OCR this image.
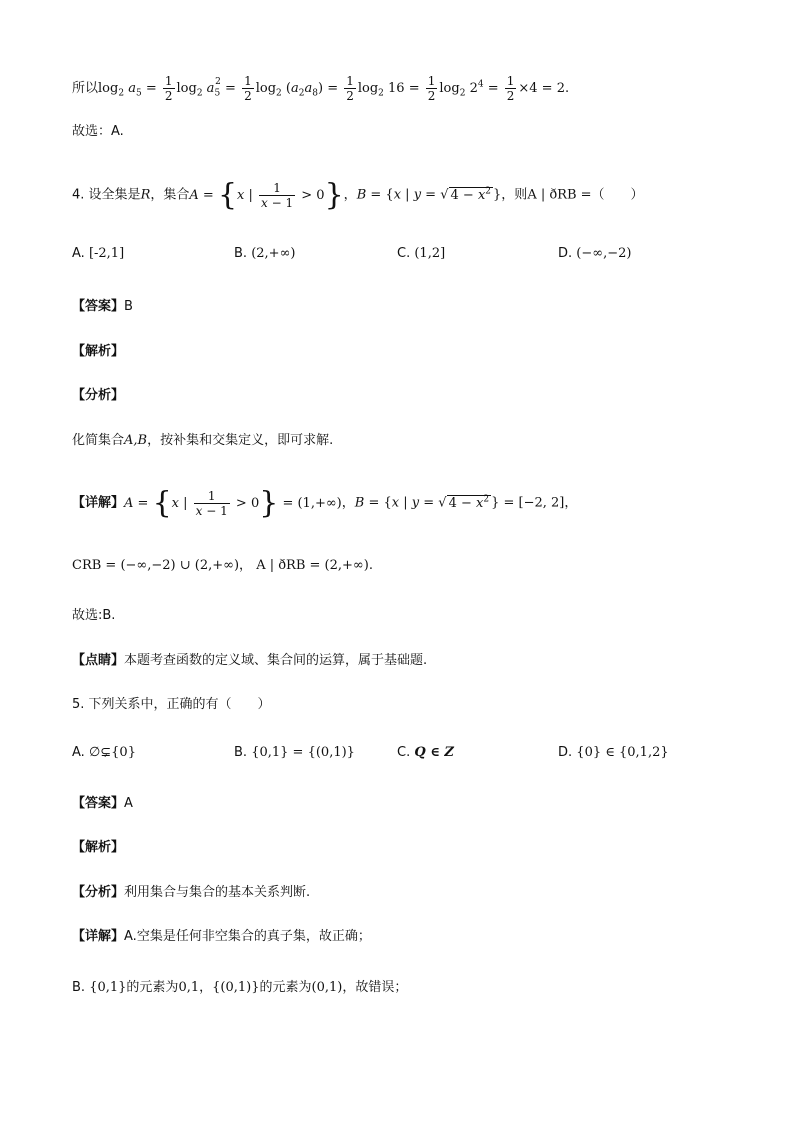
所以$\log_2 a_5 = \frac{1}{2} \log_2 a_5^2 = \frac{1}{2} \log_2 (a_2a_8) = \frac{1}{2} \log_2 16 = \frac{1}{2} \log_2 2^4 = \frac{1}{2} \times 4 = 2$.
故选：A.
4. 设全集是R，集合A = {x | $\frac{1}{x - 1} > 0$}，B = {x | y = √ $4 - x^2$ }，则A | ðRB =（　　）
A. [-2,1]	B. (2,+∞)	C. (1,2]	D. (−∞,−2)
【答案】B
【解析】
【分析】
化简集合A,B，按补集和交集定义，即可求解.
【详解】A = {x | $\frac{1}{x - 1} > 0\} = (1,+\infty)$，B = {x | y = √ $4 - x^2$ } = [−2, 2]，
CRB = (−∞,−2) ∪ (2,+∞)， A | ðRB = (2,+∞).
故选:B.
【点睛】本题考查函数的定义域、集合间的运算，属于基础题.
5. 下列关系中，正确的有（　　）
A. ∅⊊{0}	B. {0,1} = {(0,1)}	C. Q ∈ Z	D. {0} ∈ {0,1,2}
【答案】A
【解析】
【分析】利用集合与集合的基本关系判断.
【详解】A.空集是任何非空集合的真子集，故正确；
B. {0,1}的元素为0,1，{(0,1)}的元素为(0,1)，故错误；
